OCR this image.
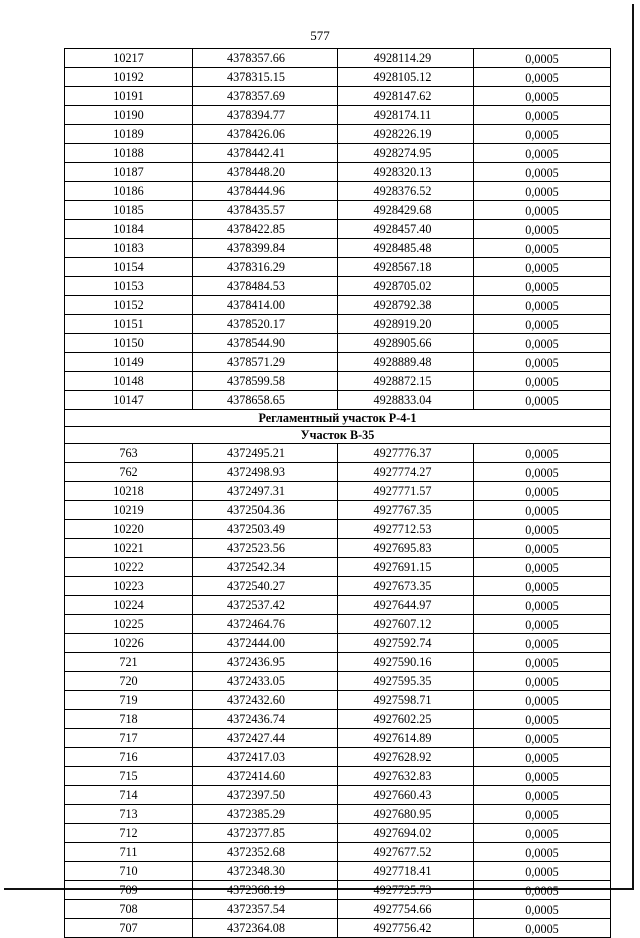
577
10217	4378357.66	4928114.29	0,0005
10192	4378315.15	4928105.12	0,0005
10191	4378357.69	4928147.62	0,0005
10190	4378394.77	4928174.11	0,0005
10189	4378426.06	4928226.19	0,0005
10188	4378442.41	4928274.95	0,0005
10187	4378448.20	4928320.13	0,0005
10186	4378444.96	4928376.52	0,0005
10185	4378435.57	4928429.68	0,0005
10184	4378422.85	4928457.40	0,0005
10183	4378399.84	4928485.48	0,0005
10154	4378316.29	4928567.18	0,0005
10153	4378484.53	4928705.02	0,0005
10152	4378414.00	4928792.38	0,0005
10151	4378520.17	4928919.20	0,0005
10150	4378544.90	4928905.66	0,0005
10149	4378571.29	4928889.48	0,0005
10148	4378599.58	4928872.15	0,0005
10147	4378658.65	4928833.04	0,0005
Регламентный участок Р-4-1			
Участок В-35			
763	4372495.21	4927776.37	0,0005
762	4372498.93	4927774.27	0,0005
10218	4372497.31	4927771.57	0,0005
10219	4372504.36	4927767.35	0,0005
10220	4372503.49	4927712.53	0,0005
10221	4372523.56	4927695.83	0,0005
10222	4372542.34	4927691.15	0,0005
10223	4372540.27	4927673.35	0,0005
10224	4372537.42	4927644.97	0,0005
10225	4372464.76	4927607.12	0,0005
10226	4372444.00	4927592.74	0,0005
721	4372436.95	4927590.16	0,0005
720	4372433.05	4927595.35	0,0005
719	4372432.60	4927598.71	0,0005
718	4372436.74	4927602.25	0,0005
717	4372427.44	4927614.89	0,0005
716	4372417.03	4927628.92	0,0005
715	4372414.60	4927632.83	0,0005
714	4372397.50	4927660.43	0,0005
713	4372385.29	4927680.95	0,0005
712	4372377.85	4927694.02	0,0005
711	4372352.68	4927677.52	0,0005
710	4372348.30	4927718.41	0,0005
709	4372368.19	4927725.73	0,0005
708	4372357.54	4927754.66	0,0005
707	4372364.08	4927756.42	0,0005
